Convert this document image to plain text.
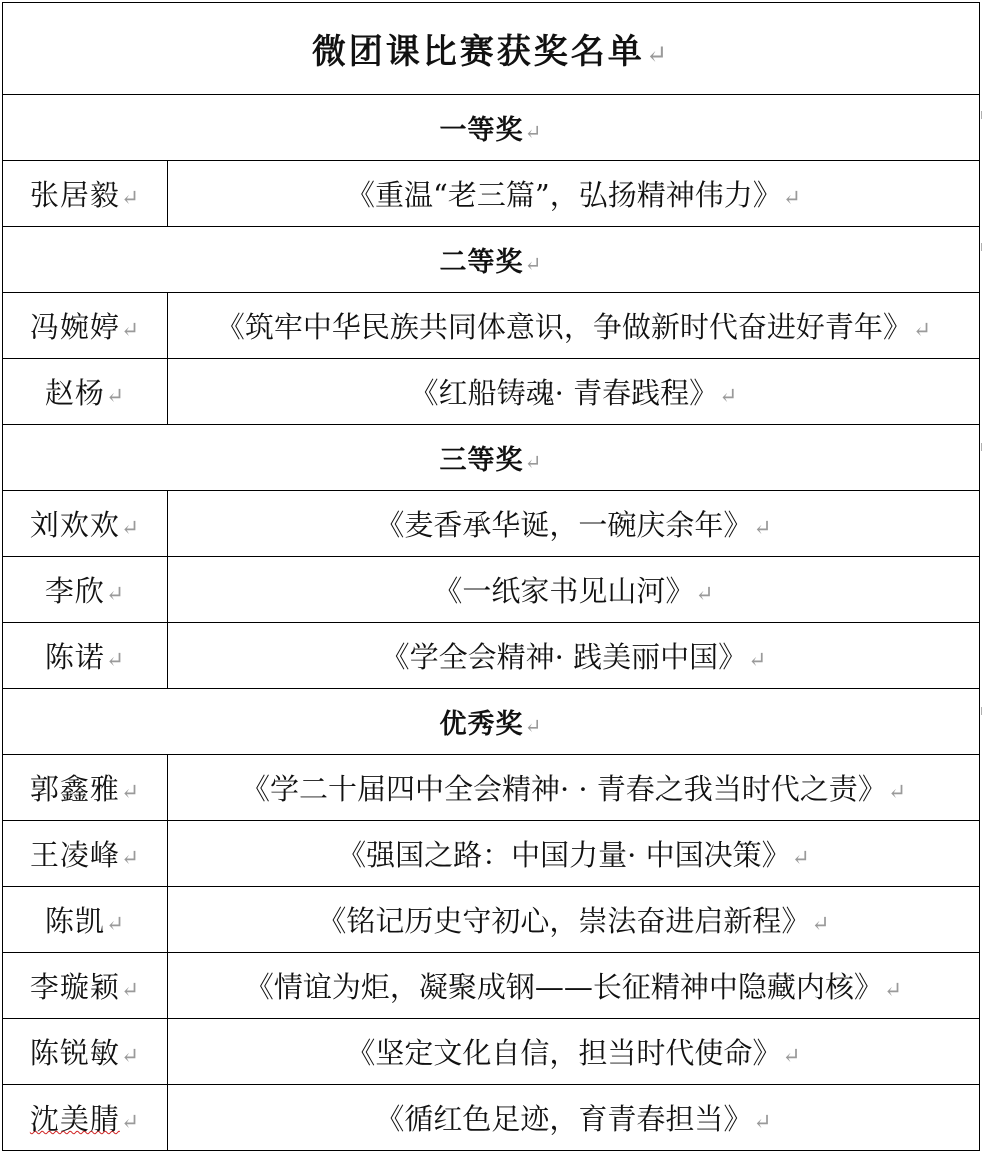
微团课比赛获奖名单↵	
一等奖↵	
张居毅↵	《重温“老三篇”，弘扬精神伟力》↵
二等奖↵	
冯婉婷↵	《筑牢中华民族共同体意识，争做新时代奋进好青年》↵
赵杨↵	《红船铸魂· 青春践程》↵
三等奖↵	
刘欢欢↵	《麦香承华诞，一碗庆余年》↵
李欣↵	《一纸家书见山河》↵
陈诺↵	《学全会精神· 践美丽中国》↵
优秀奖↵	
郭鑫雅↵	《学二十届四中全会精神· · 青春之我当时代之责》↵
王凌峰↵	《强国之路：中国力量· 中国决策》↵
陈凯↵	《铭记历史守初心，崇法奋进启新程》↵
李璇颖↵	《情谊为炬，凝聚成钢——长征精神中隐藏内核》↵
陈锐敏↵	《坚定文化自信，担当时代使命》↵
沈美腈↵	《循红色足迹，育青春担当》↵
